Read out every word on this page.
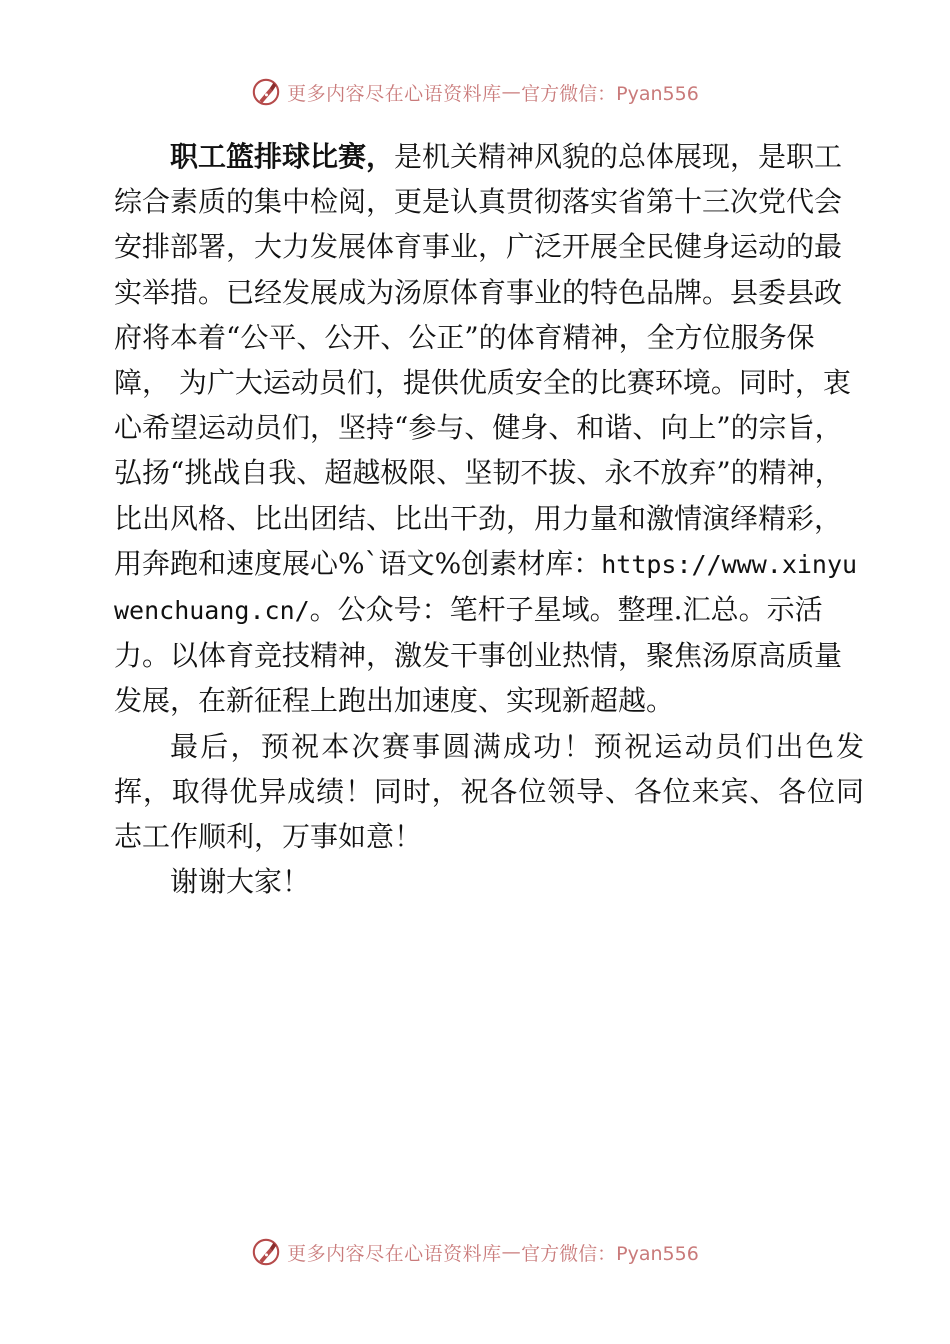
更多内容尽在心语资料库 — 官方微信：Pyan556

职工篮排球比赛，是机关精神风貌的总体展现，是职工综合素质的集中检阅，更是认真贯彻落实省第十三次党代会安排部署，大力发展体育事业，广泛开展全民健身运动的最实举措。已经发展成为汤原体育事业的特色品牌。县委县政府将本着“公平、公开、公正”的体育精神，全方位服务保障， 为广大运动员们，提供优质安全的比赛环境。同时，衷心希望运动员们，坚持“参与、健身、和谐、向上”的宗旨，弘扬“挑战自我、超越极限、坚韧不拔、永不放弃”的精神，比出风格、比出团结、比出干劲，用力量和激情演绎精彩，用奔跑和速度展心%`语文%创素材库：https://www.xinyuwenchuang.cn/。公众号：笔杆子星域。整理.汇总。示活力。以体育竞技精神，激发干事创业热情，聚焦汤原高质量发展，在新征程上跑出加速度、实现新超越。

最后，预祝本次赛事圆满成功！预祝运动员们出色发挥，取得优异成绩！同时，祝各位领导、各位来宾、各位同志工作顺利，万事如意！

谢谢大家！

更多内容尽在心语资料库 — 官方微信：Pyan556
